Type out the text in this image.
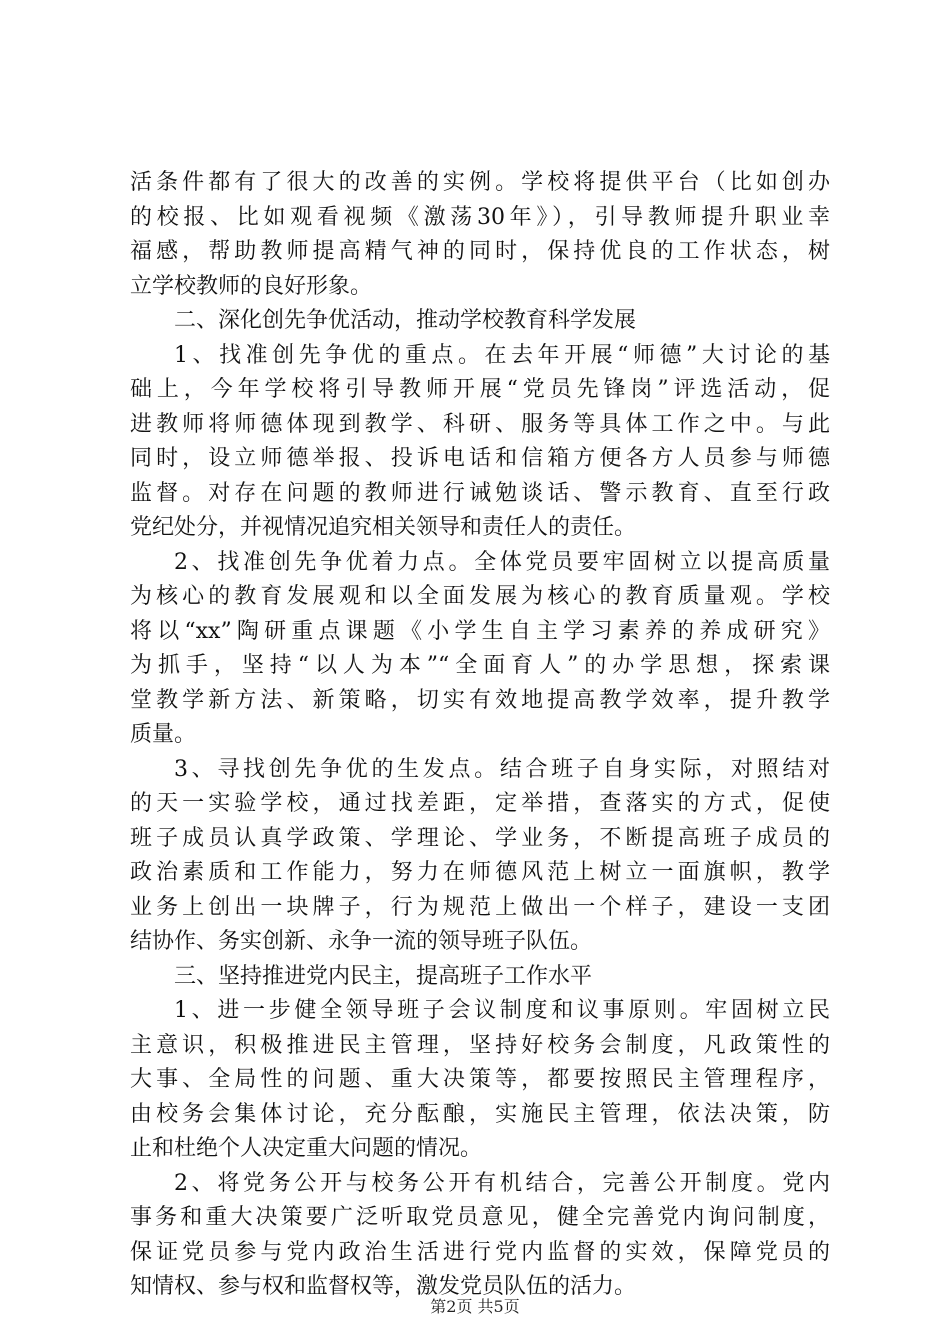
活条件都有了很大的改善的实例。学校将提供平台（比如创办
的校报、比如观看视频《激荡30年》），引导教师提升职业幸
福感，帮助教师提高精气神的同时，保持优良的工作状态，树
立学校教师的良好形象。
二、深化创先争优活动，推动学校教育科学发展
1、找准创先争优的重点。在去年开展“师德”大讨论的基
础上，今年学校将引导教师开展“党员先锋岗”评选活动，促
进教师将师德体现到教学、科研、服务等具体工作之中。与此
同时，设立师德举报、投诉电话和信箱方便各方人员参与师德
监督。对存在问题的教师进行诫勉谈话、警示教育、直至行政
党纪处分，并视情况追究相关领导和责任人的责任。
2、找准创先争优着力点。全体党员要牢固树立以提高质量
为核心的教育发展观和以全面发展为核心的教育质量观。学校
将以“xx”陶研重点课题《小学生自主学习素养的养成研究》
为抓手，坚持“以人为本”“全面育人”的办学思想，探索课
堂教学新方法、新策略，切实有效地提高教学效率，提升教学
质量。
3、寻找创先争优的生发点。结合班子自身实际，对照结对
的天一实验学校，通过找差距，定举措，查落实的方式，促使
班子成员认真学政策、学理论、学业务，不断提高班子成员的
政治素质和工作能力，努力在师德风范上树立一面旗帜，教学
业务上创出一块牌子，行为规范上做出一个样子，建设一支团
结协作、务实创新、永争一流的领导班子队伍。
三、坚持推进党内民主，提高班子工作水平
1、进一步健全领导班子会议制度和议事原则。牢固树立民
主意识，积极推进民主管理，坚持好校务会制度，凡政策性的
大事、全局性的问题、重大决策等，都要按照民主管理程序，
由校务会集体讨论，充分酝酿，实施民主管理，依法决策，防
止和杜绝个人决定重大问题的情况。
2、将党务公开与校务公开有机结合，完善公开制度。党内
事务和重大决策要广泛听取党员意见，健全完善党内询问制度，
保证党员参与党内政治生活进行党内监督的实效，保障党员的
知情权、参与权和监督权等，激发党员队伍的活力。
第2页 共5页
